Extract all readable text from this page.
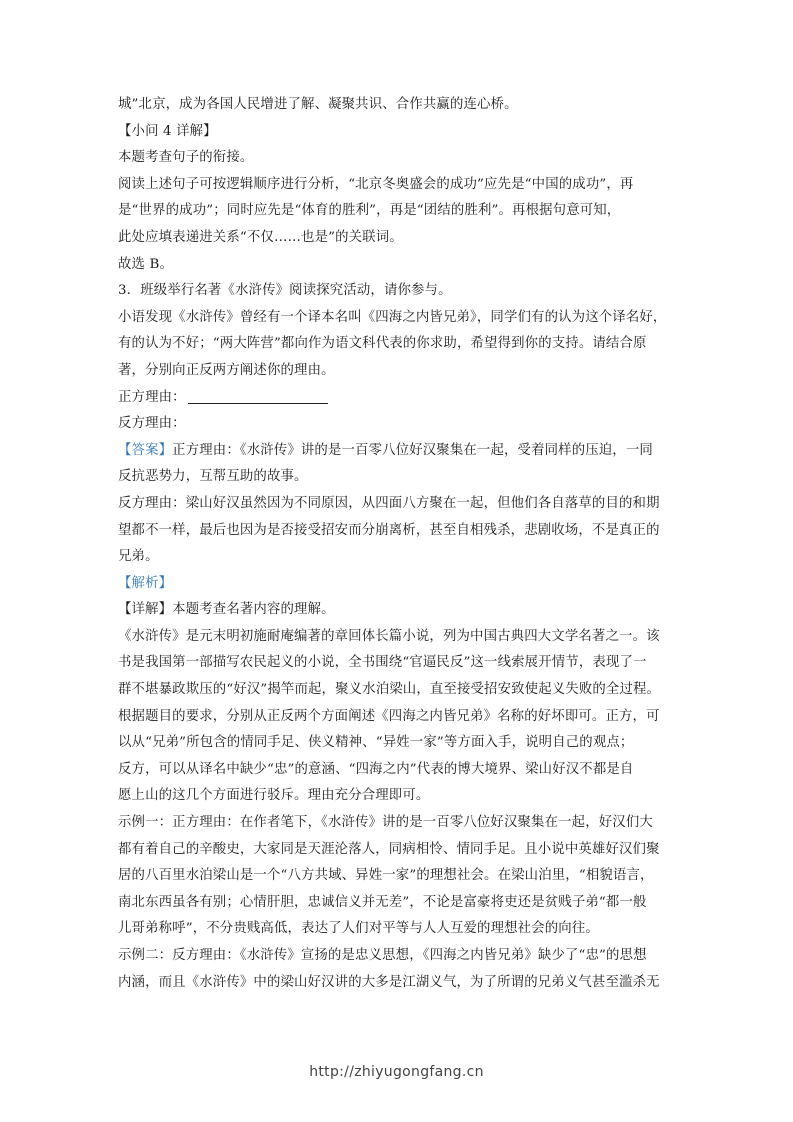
城”北京，成为各国人民增进了解、凝聚共识、合作共赢的连心桥。
【小问 4 详解】
本题考查句子的衔接。
阅读上述句子可按逻辑顺序进行分析，“北京冬奥盛会的成功”应先是“中国的成功”，再
是“世界的成功”；同时应先是“体育的胜利”，再是“团结的胜利”。再根据句意可知，
此处应填表递进关系“不仅……也是”的关联词。
故选 B。
3．班级举行名著《水浒传》阅读探究活动，请你参与。
小语发现《水浒传》曾经有一个译本名叫《四海之内皆兄弟》，同学们有的认为这个译名好，
有的认为不好；“两大阵营”都向作为语文科代表的你求助，希望得到你的支持。请结合原
著，分别向正反两方阐述你的理由。
正方理由：
反方理由：
【答案】正方理由：《水浒传》讲的是一百零八位好汉聚集在一起，受着同样的压迫，一同
反抗恶势力，互帮互助的故事。
反方理由：梁山好汉虽然因为不同原因，从四面八方聚在一起，但他们各自落草的目的和期
望都不一样，最后也因为是否接受招安而分崩离析，甚至自相残杀，悲剧收场，不是真正的
兄弟。
【解析】
【详解】本题考查名著内容的理解。
《水浒传》是元末明初施耐庵编著的章回体长篇小说，列为中国古典四大文学名著之一。该
书是我国第一部描写农民起义的小说，全书围绕“官逼民反”这一线索展开情节，表现了一
群不堪暴政欺压的“好汉”揭竿而起，聚义水泊梁山，直至接受招安致使起义失败的全过程。
根据题目的要求，分别从正反两个方面阐述《四海之内皆兄弟》名称的好坏即可。正方，可
以从“兄弟”所包含的情同手足、侠义精神、“异姓一家”等方面入手，说明自己的观点；
反方，可以从译名中缺少“忠”的意涵、“四海之内”代表的博大境界、梁山好汉不都是自
愿上山的这几个方面进行驳斥。理由充分合理即可。
示例一：正方理由：在作者笔下，《水浒传》讲的是一百零八位好汉聚集在一起，好汉们大
都有着自己的辛酸史，大家同是天涯沦落人，同病相怜、情同手足。且小说中英雄好汉们聚
居的八百里水泊梁山是一个“八方共域、异姓一家”的理想社会。在梁山泊里，“相貌语言，
南北东西虽各有别；心情肝胆，忠诚信义并无差”，不论是富豪将吏还是贫贱子弟“都一般
儿哥弟称呼”，不分贵贱高低，表达了人们对平等与人人互爱的理想社会的向往。
示例二：反方理由：《水浒传》宣扬的是忠义思想，《四海之内皆兄弟》缺少了“忠”的思想
内涵，而且《水浒传》中的梁山好汉讲的大多是江湖义气，为了所谓的兄弟义气甚至滥杀无
http://zhiyugongfang.cn
